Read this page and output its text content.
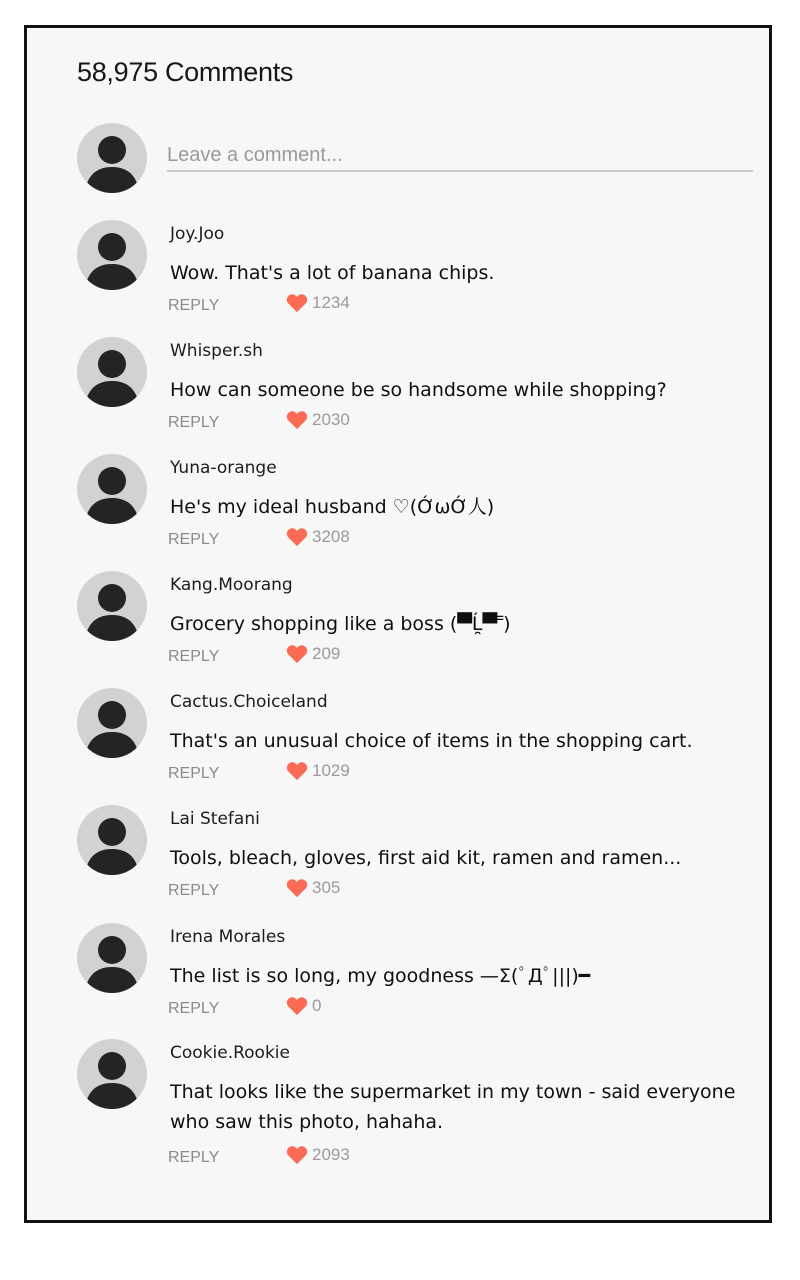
58,975 Comments
Leave a comment...
Joy.Joo
Wow. That's a lot of banana chips.
REPLY	1234
Whisper.sh
How can someone be so handsome while shopping?
REPLY	2030
Yuna-orange
He's my ideal husband ♡(ỚωỚ人)
REPLY	3208
Kang.Moorang
Grocery shopping like a boss (▀̿Ĺ̯▀̿ ̿)
REPLY	209
Cactus.Choiceland
That's an unusual choice of items in the shopping cart.
REPLY	1029
Lai Stefani
Tools, bleach, gloves, first aid kit, ramen and ramen...
REPLY	305
Irena Morales
The list is so long, my goodness —Σ(ﾟДﾟ|||)━
REPLY	0
Cookie.Rookie
That looks like the supermarket in my town - said everyone who saw this photo, hahaha.
REPLY	2093
